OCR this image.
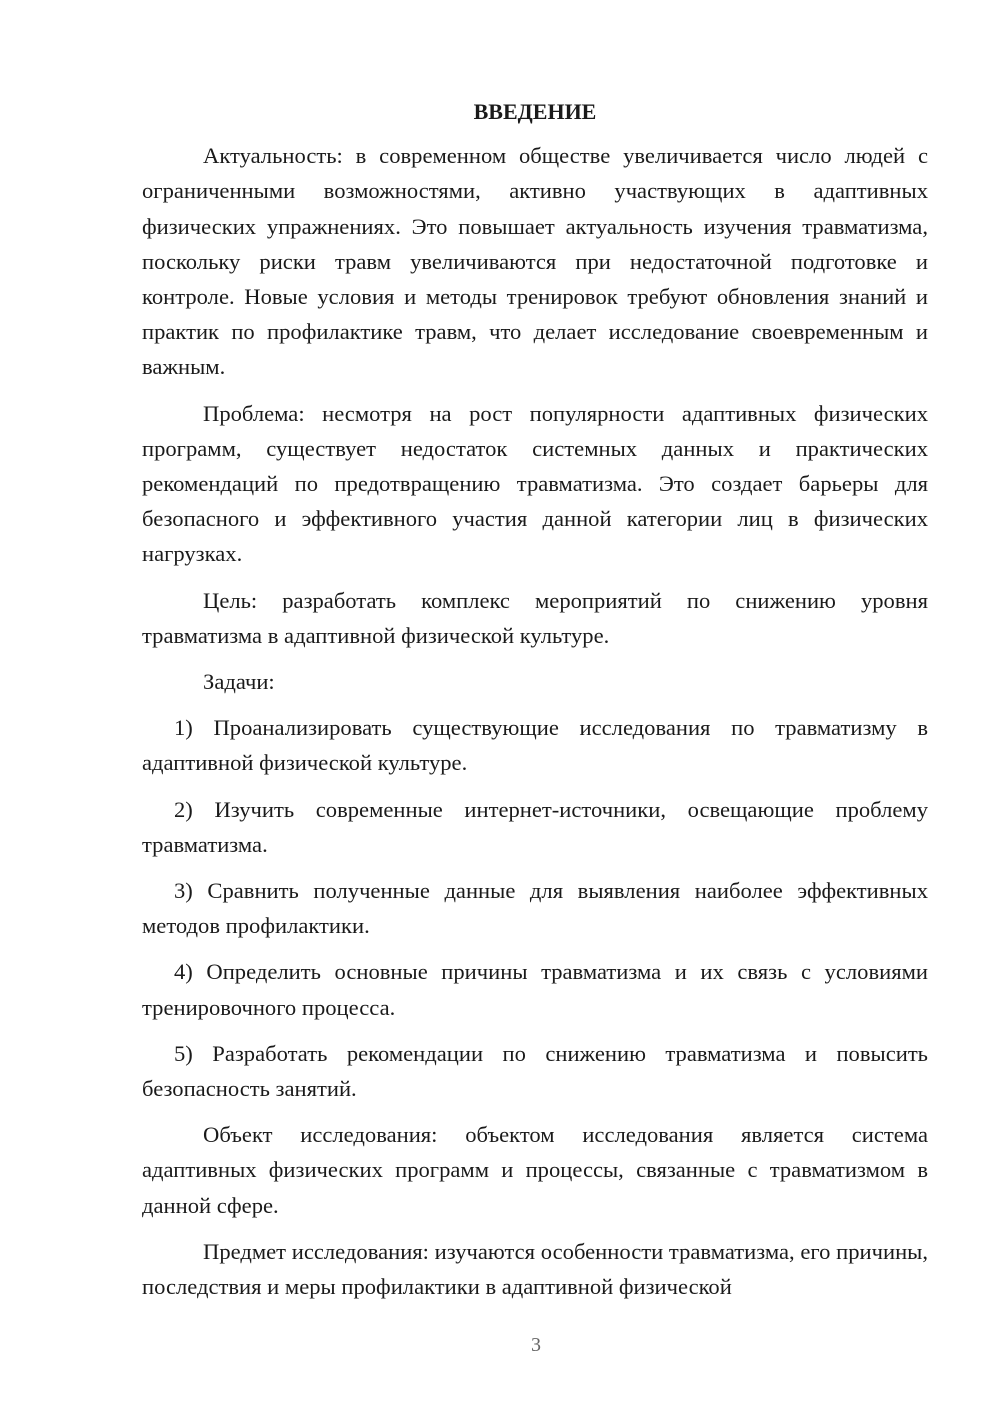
ВВЕДЕНИЕ

Актуальность: в современном обществе увеличивается число людей с ограниченными возможностями, активно участвующих в адаптивных физических упражнениях. Это повышает актуальность изучения травматизма, поскольку риски травм увеличиваются при недостаточной подготовке и контроле. Новые условия и методы тренировок требуют обновления знаний и практик по профилактике травм, что делает исследование своевременным и важным.

Проблема: несмотря на рост популярности адаптивных физических программ, существует недостаток системных данных и практических рекомендаций по предотвращению травматизма. Это создает барьеры для безопасного и эффективного участия данной категории лиц в физических нагрузках.

Цель: разработать комплекс мероприятий по снижению уровня травматизма в адаптивной физической культуре.

Задачи:

1) Проанализировать существующие исследования по травматизму в адаптивной физической культуре.

2) Изучить современные интернет-источники, освещающие проблему травматизма.

3) Сравнить полученные данные для выявления наиболее эффективных методов профилактики.

4) Определить основные причины травматизма и их связь с условиями тренировочного процесса.

5) Разработать рекомендации по снижению травматизма и повысить безопасность занятий.

Объект исследования: объектом исследования является система адаптивных физических программ и процессы, связанные с травматизмом в данной сфере.

Предмет исследования: изучаются особенности травматизма, его причины, последствия и меры профилактики в адаптивной физической

3
